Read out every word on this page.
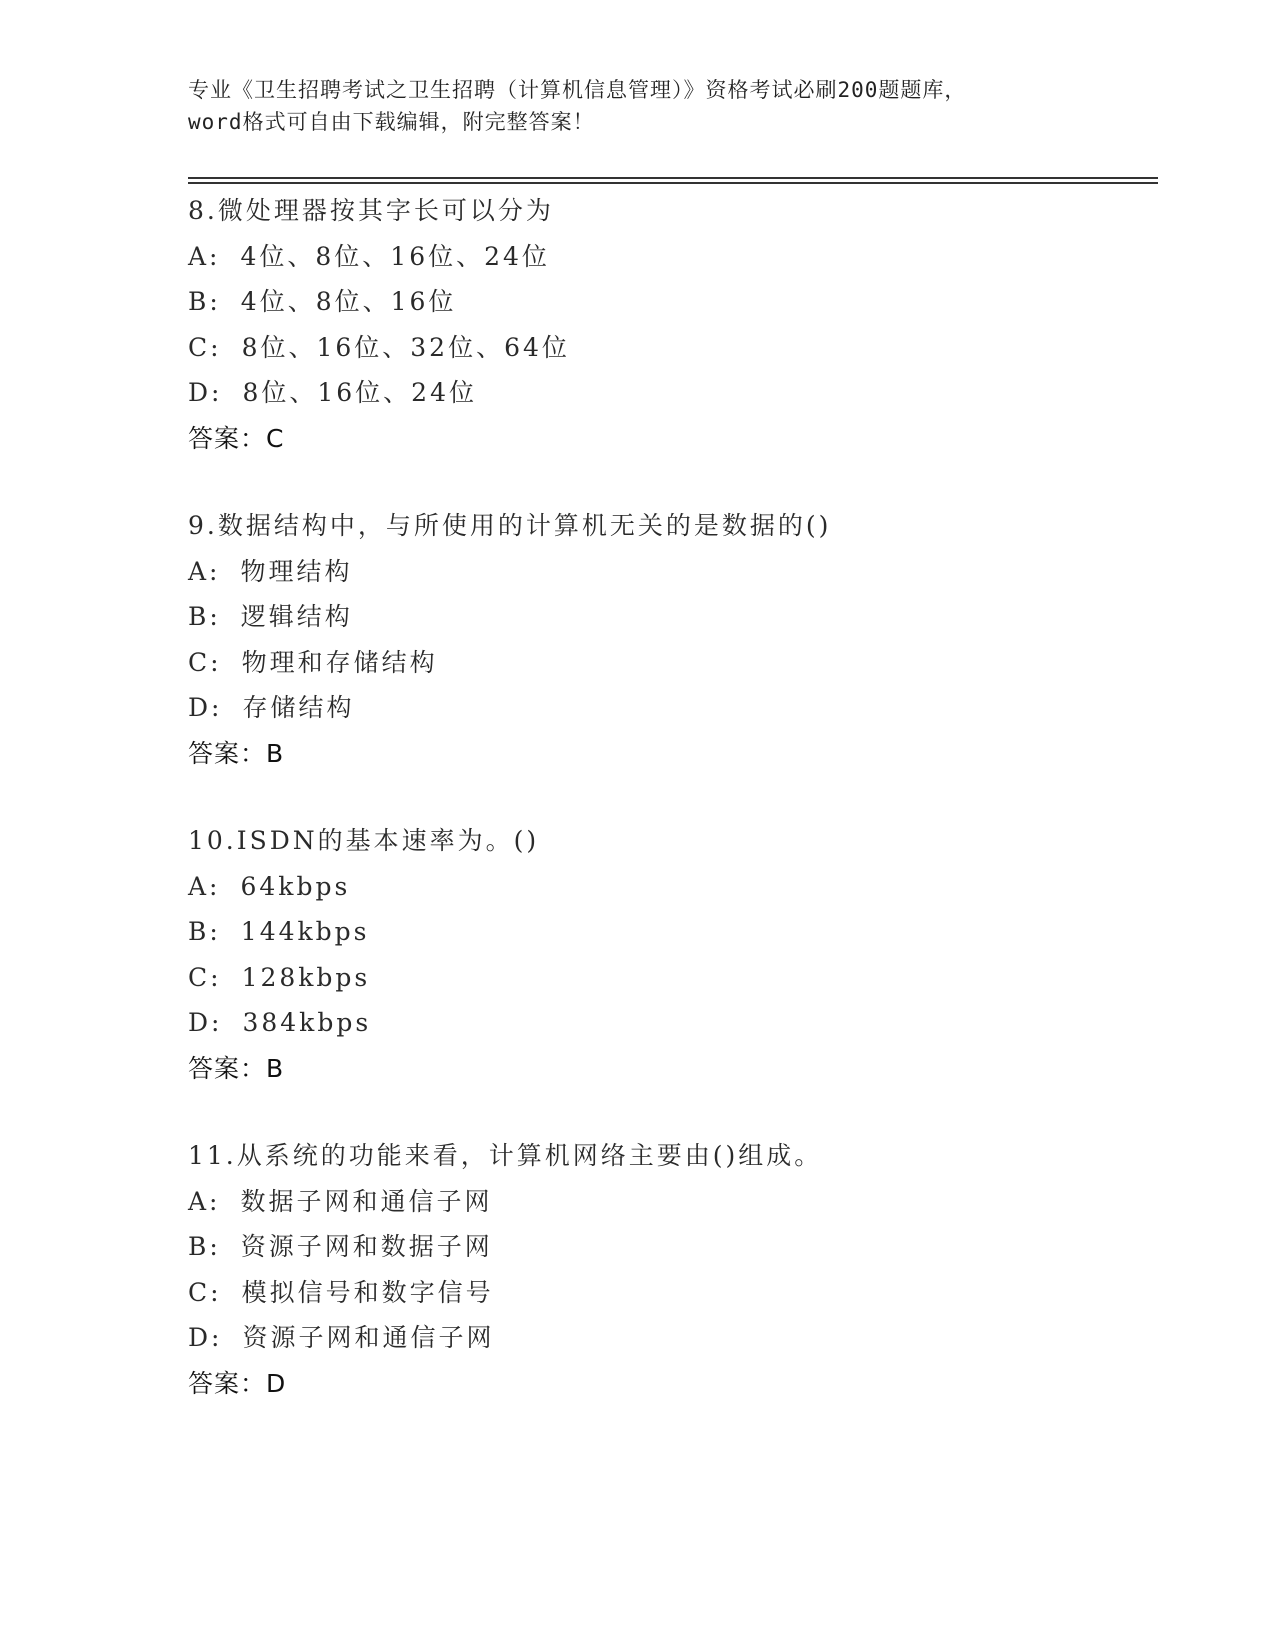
专业《卫生招聘考试之卫生招聘（计算机信息管理）》资格考试必刷200题题库，
word格式可自由下载编辑，附完整答案！
8.微处理器按其字长可以分为
A: 4位、8位、16位、24位
B: 4位、8位、16位
C: 8位、16位、32位、64位
D: 8位、16位、24位
答案：C
9.数据结构中，与所使用的计算机无关的是数据的()
A: 物理结构
B: 逻辑结构
C: 物理和存储结构
D: 存储结构
答案：B
10.ISDN的基本速率为。()
A: 64kbps
B: 144kbps
C: 128kbps
D: 384kbps
答案：B
11.从系统的功能来看，计算机网络主要由()组成。
A: 数据子网和通信子网
B: 资源子网和数据子网
C: 模拟信号和数字信号
D: 资源子网和通信子网
答案：D
